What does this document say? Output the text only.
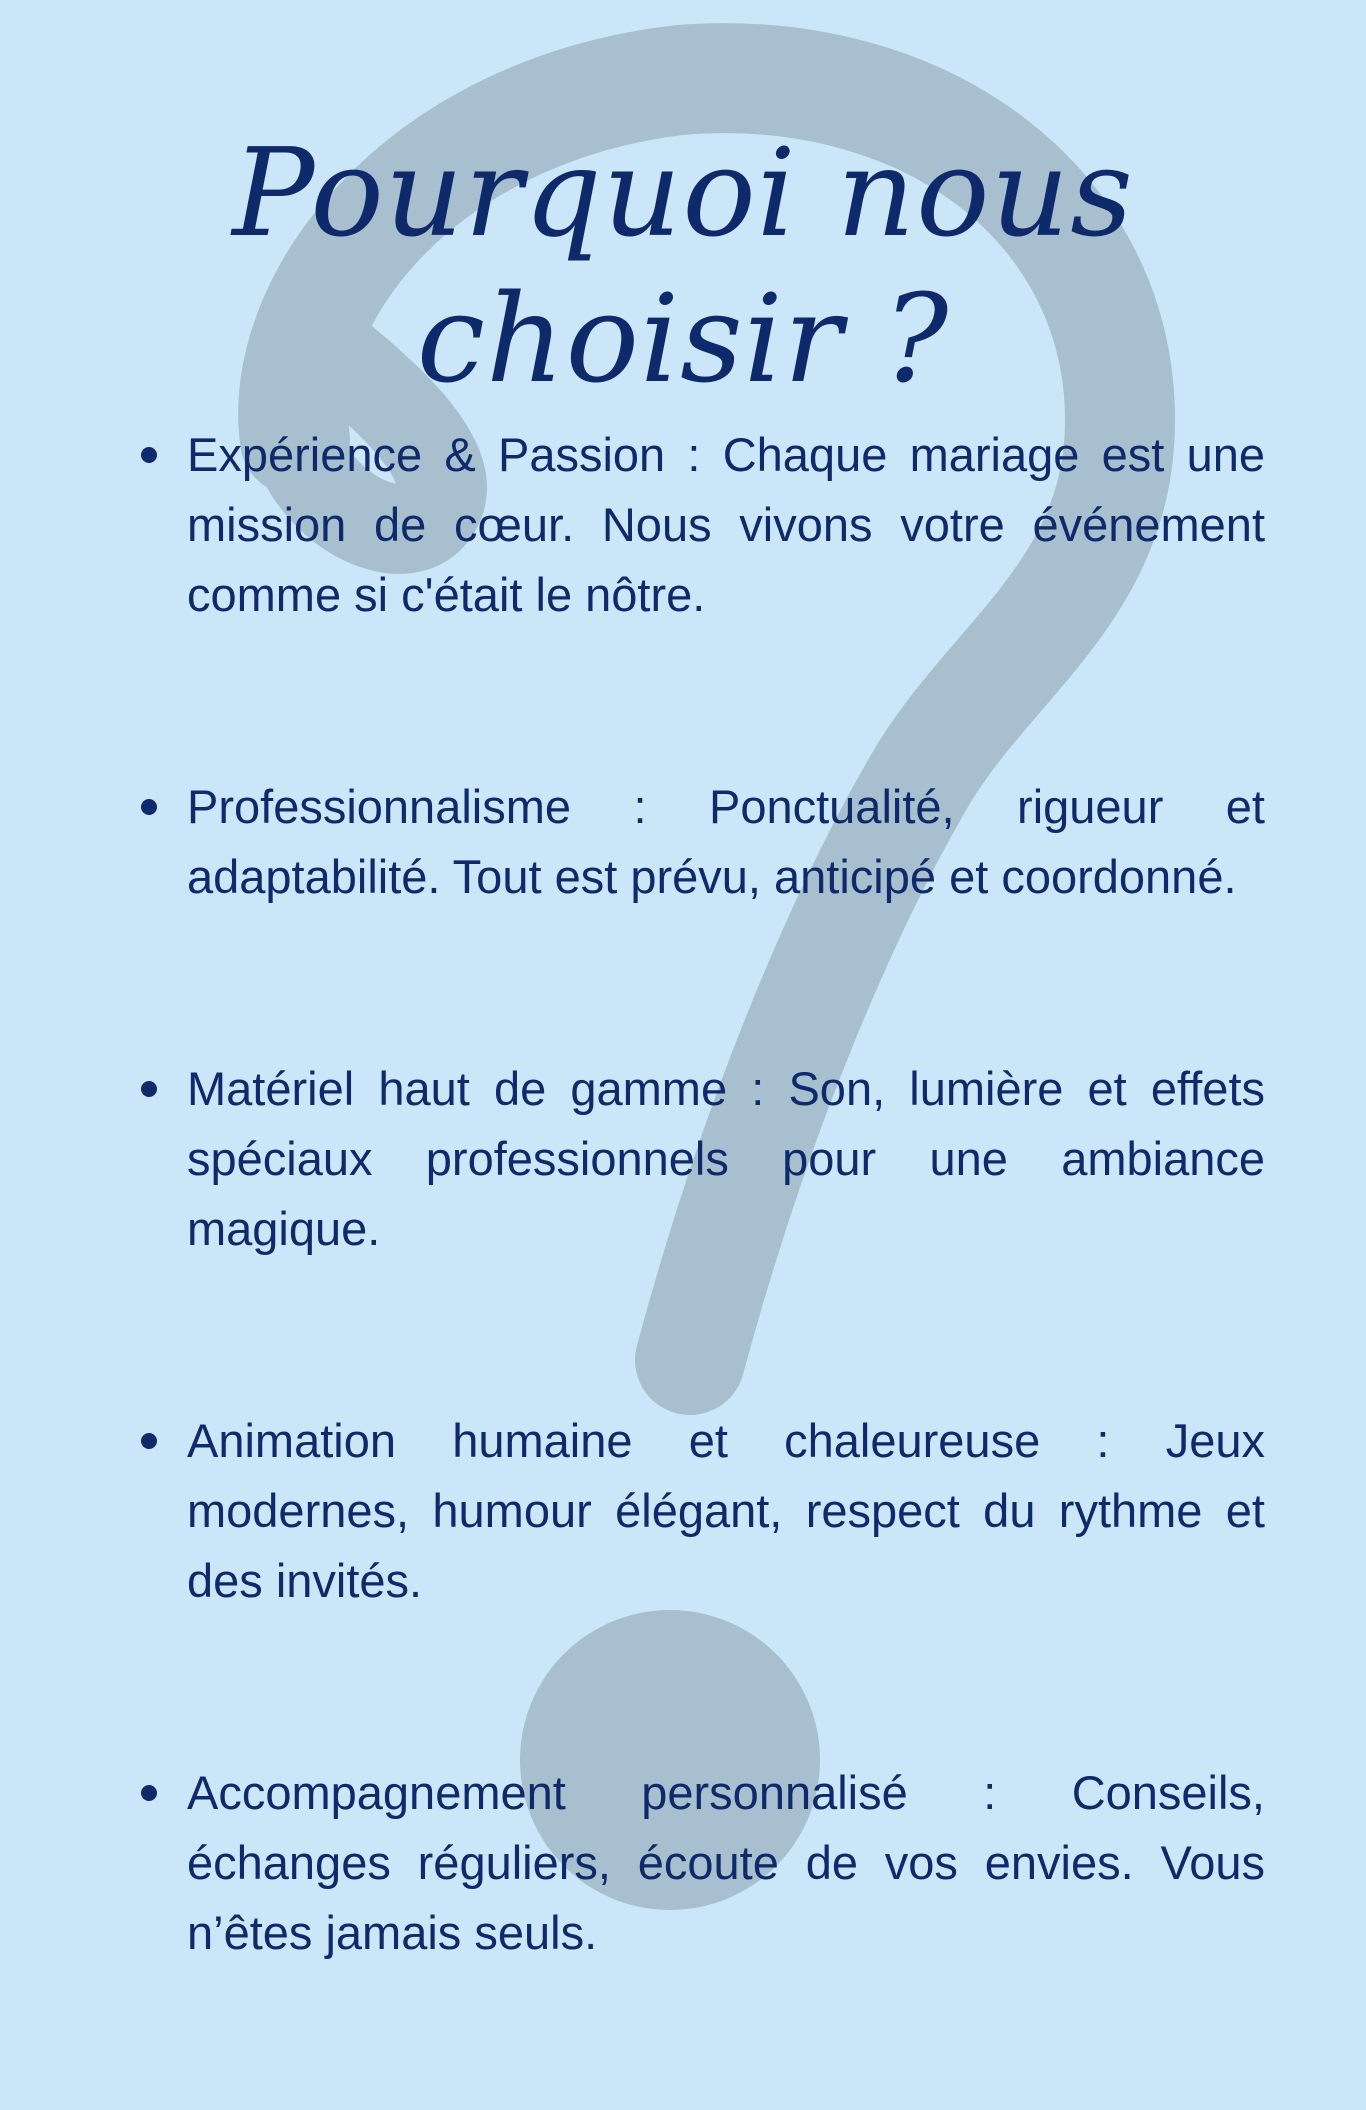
Pourquoi nous choisir ?
Expérience & Passion : Chaque mariage est une mission de cœur. Nous vivons votre événement comme si c'était le nôtre.
Professionnalisme : Ponctualité, rigueur et adaptabilité. Tout est prévu, anticipé et coordonné.
Matériel haut de gamme : Son, lumière et effets spéciaux professionnels pour une ambiance magique.
Animation humaine et chaleureuse : Jeux modernes, humour élégant, respect du rythme et des invités.
Accompagnement personnalisé : Conseils, échanges réguliers, écoute de vos envies. Vous n’êtes jamais seuls.
